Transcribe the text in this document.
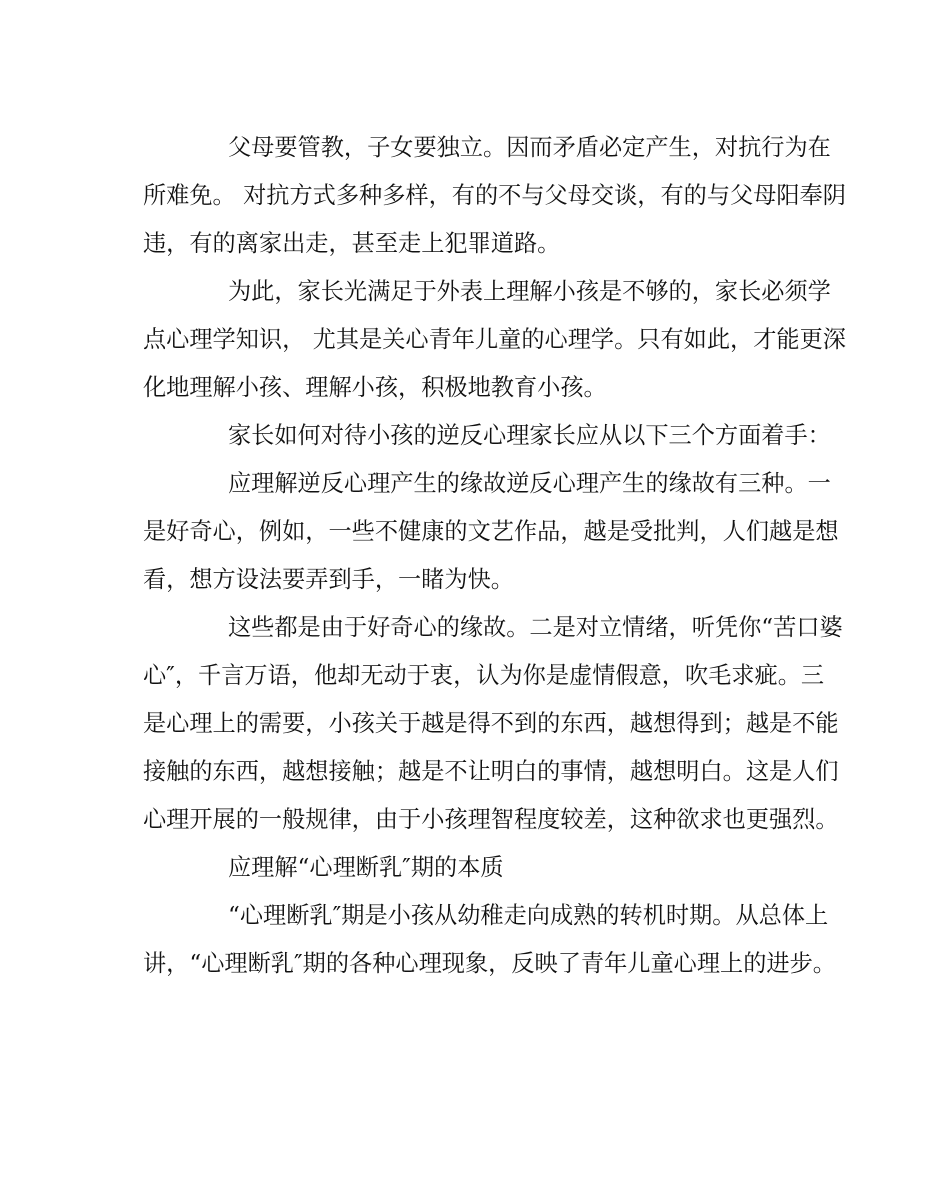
父母要管教，子女要独立。因而矛盾必定产生，对抗行为在

所难免。 对抗方式多种多样，有的不与父母交谈，有的与父母阳奉阴

违，有的离家出走，甚至走上犯罪道路。

为此，家长光满足于外表上理解小孩是不够的，家长必须学

点心理学知识， 尤其是关心青年儿童的心理学。只有如此，才能更深

化地理解小孩、理解小孩，积极地教育小孩。

家长如何对待小孩的逆反心理家长应从以下三个方面着手：

应理解逆反心理产生的缘故逆反心理产生的缘故有三种。一

是好奇心，例如，一些不健康的文艺作品，越是受批判，人们越是想

看，想方设法要弄到手，一睹为快。

这些都是由于好奇心的缘故。二是对立情绪，听凭你“苦口婆

心″，千言万语，他却无动于衷，认为你是虚情假意，吹毛求疵。三

是心理上的需要，小孩关于越是得不到的东西，越想得到；越是不能

接触的东西，越想接触；越是不让明白的事情，越想明白。这是人们

心理开展的一般规律，由于小孩理智程度较差，这种欲求也更强烈。

应理解“心理断乳″期的本质

“心理断乳″期是小孩从幼稚走向成熟的转机时期。从总体上

讲，“心理断乳″期的各种心理现象，反映了青年儿童心理上的进步。
